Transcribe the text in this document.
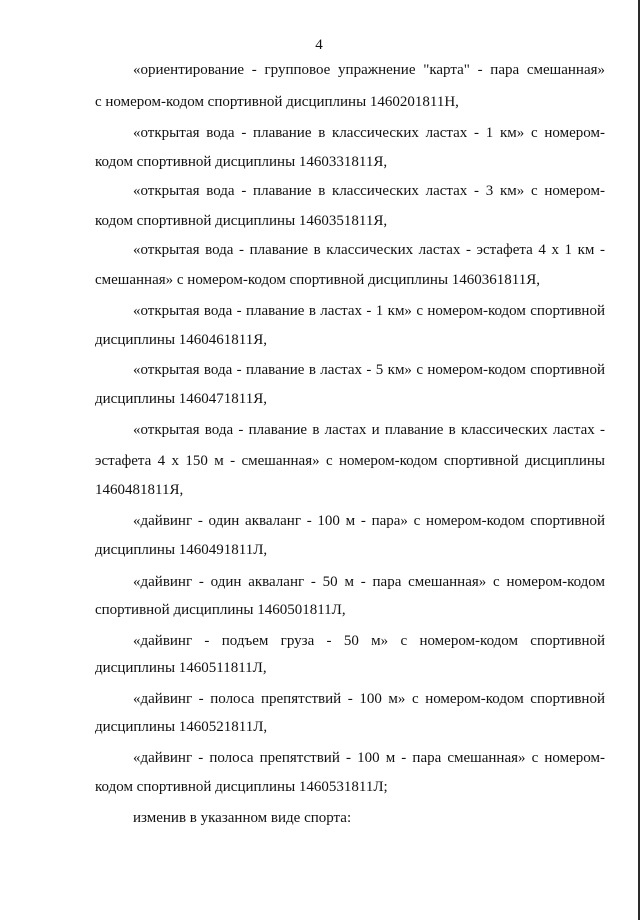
4
«ориентирование - групповое упражнение "карта" - пара смешанная»
с номером-кодом спортивной дисциплины 1460201811Н,
«открытая вода - плавание в классических ластах - 1 км» с номером-
кодом спортивной дисциплины 1460331811Я,
«открытая вода - плавание в классических ластах - 3 км» с номером-
кодом спортивной дисциплины 1460351811Я,
«открытая вода - плавание в классических ластах - эстафета 4 х 1 км -
смешанная» с номером-кодом спортивной дисциплины 1460361811Я,
«открытая вода - плавание в ластах - 1 км» с номером-кодом спортивной
дисциплины 1460461811Я,
«открытая вода - плавание в ластах - 5 км» с номером-кодом спортивной
дисциплины 1460471811Я,
«открытая вода - плавание в ластах и плавание в классических ластах -
эстафета 4 х 150 м - смешанная» с номером-кодом спортивной дисциплины
1460481811Я,
«дайвинг - один акваланг - 100 м - пара» с номером-кодом спортивной
дисциплины 1460491811Л,
«дайвинг - один акваланг - 50 м - пара смешанная» с номером-кодом
спортивной дисциплины 1460501811Л,
«дайвинг - подъем груза - 50 м» с номером-кодом спортивной
дисциплины 1460511811Л,
«дайвинг - полоса препятствий - 100 м» с номером-кодом спортивной
дисциплины 1460521811Л,
«дайвинг - полоса препятствий - 100 м - пара смешанная» с номером-
кодом спортивной дисциплины 1460531811Л;
изменив в указанном виде спорта:
